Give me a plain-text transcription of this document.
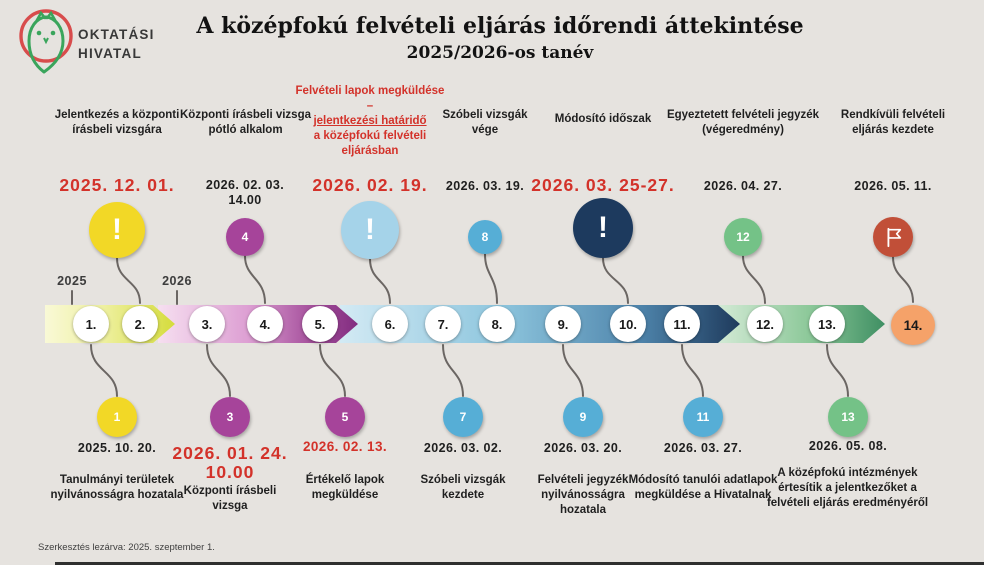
OKTATÁSI
HIVATAL
A középfokú felvételi eljárás időrendi áttekintése
2025/2026-os tanév
Jelentkezés a központi írásbeli vizsgára
Központi írásbeli vizsga pótló alkalom
Felvételi lapok megküldése –
jelentkezési határidő
a középfokú felvételi eljárásban
Szóbeli vizsgák vége
Módosító időszak	Egyeztetett felvételi jegyzék (végeredmény)
Rendkívüli felvételi eljárás kezdete
2025. 12. 01.	2026. 02. 03.
14.00
2026. 02. 19.	2026. 03. 19. 2026. 03. 25-27.	2026. 04. 27.	2026. 05. 11.
!	4	!	8	!	12
2025	2026
1.	2.	3.	4.	5.	6.	7.	8.	9.	10.	11.	12.	13.	14.
1	3	5	7	9	11	13
2025. 10. 20. 2026. 01. 24.
10.00
2026. 02. 13.	2026. 03. 02.	2026. 03. 20.	2026. 03. 27.	2026. 05. 08.
Tanulmányi területek nyilvánosságra hozatala Központi írásbeli vizsga
Értékelő lapok megküldése
Szóbeli vizsgák kezdete
Felvételi jegyzék nyilvánosságra hozatala
Módosító tanulói adatlapok megküldése a Hivatalnak
A középfokú intézmények értesítik a jelentkezőket a felvételi eljárás eredményéről
Szerkesztés lezárva: 2025. szeptember 1.
